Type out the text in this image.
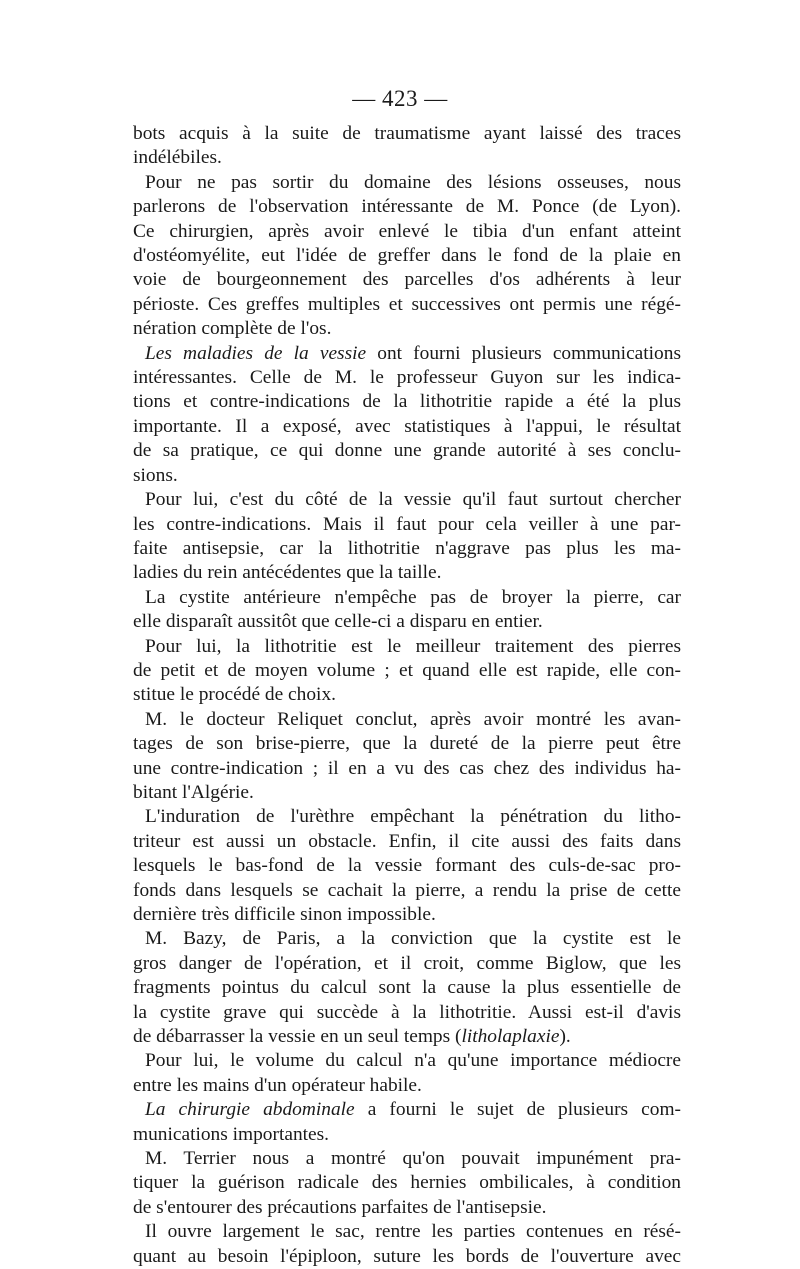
— 423 —
bots acquis à la suite de traumatisme ayant laissé des traces
indélébiles.
Pour ne pas sortir du domaine des lésions osseuses, nous
parlerons de l'observation intéressante de M. Ponce (de Lyon).
Ce chirurgien, après avoir enlevé le tibia d'un enfant atteint
d'ostéomyélite, eut l'idée de greffer dans le fond de la plaie en
voie de bourgeonnement des parcelles d'os adhérents à leur
périoste. Ces greffes multiples et successives ont permis une régé-
nération complète de l'os.
Les maladies de la vessie ont fourni plusieurs communications
intéressantes. Celle de M. le professeur Guyon sur les indica-
tions et contre-indications de la lithotritie rapide a été la plus
importante. Il a exposé, avec statistiques à l'appui, le résultat
de sa pratique, ce qui donne une grande autorité à ses conclu-
sions.
Pour lui, c'est du côté de la vessie qu'il faut surtout chercher
les contre-indications. Mais il faut pour cela veiller à une par-
faite antisepsie, car la lithotritie n'aggrave pas plus les ma-
ladies du rein antécédentes que la taille.
La cystite antérieure n'empêche pas de broyer la pierre, car
elle disparaît aussitôt que celle-ci a disparu en entier.
Pour lui, la lithotritie est le meilleur traitement des pierres
de petit et de moyen volume ; et quand elle est rapide, elle con-
stitue le procédé de choix.
M. le docteur Reliquet conclut, après avoir montré les avan-
tages de son brise-pierre, que la dureté de la pierre peut être
une contre-indication ; il en a vu des cas chez des individus ha-
bitant l'Algérie.
L'induration de l'urèthre empêchant la pénétration du litho-
triteur est aussi un obstacle. Enfin, il cite aussi des faits dans
lesquels le bas-fond de la vessie formant des culs-de-sac pro-
fonds dans lesquels se cachait la pierre, a rendu la prise de cette
dernière très difficile sinon impossible.
M. Bazy, de Paris, a la conviction que la cystite est le
gros danger de l'opération, et il croit, comme Biglow, que les
fragments pointus du calcul sont la cause la plus essentielle de
la cystite grave qui succède à la lithotritie. Aussi est-il d'avis
de débarrasser la vessie en un seul temps (litholaplaxie).
Pour lui, le volume du calcul n'a qu'une importance médiocre
entre les mains d'un opérateur habile.
La chirurgie abdominale a fourni le sujet de plusieurs com-
munications importantes.
M. Terrier nous a montré qu'on pouvait impunément pra-
tiquer la guérison radicale des hernies ombilicales, à condition
de s'entourer des précautions parfaites de l'antisepsie.
Il ouvre largement le sac, rentre les parties contenues en résé-
quant au besoin l'épiploon, suture les bords de l'ouverture avec
